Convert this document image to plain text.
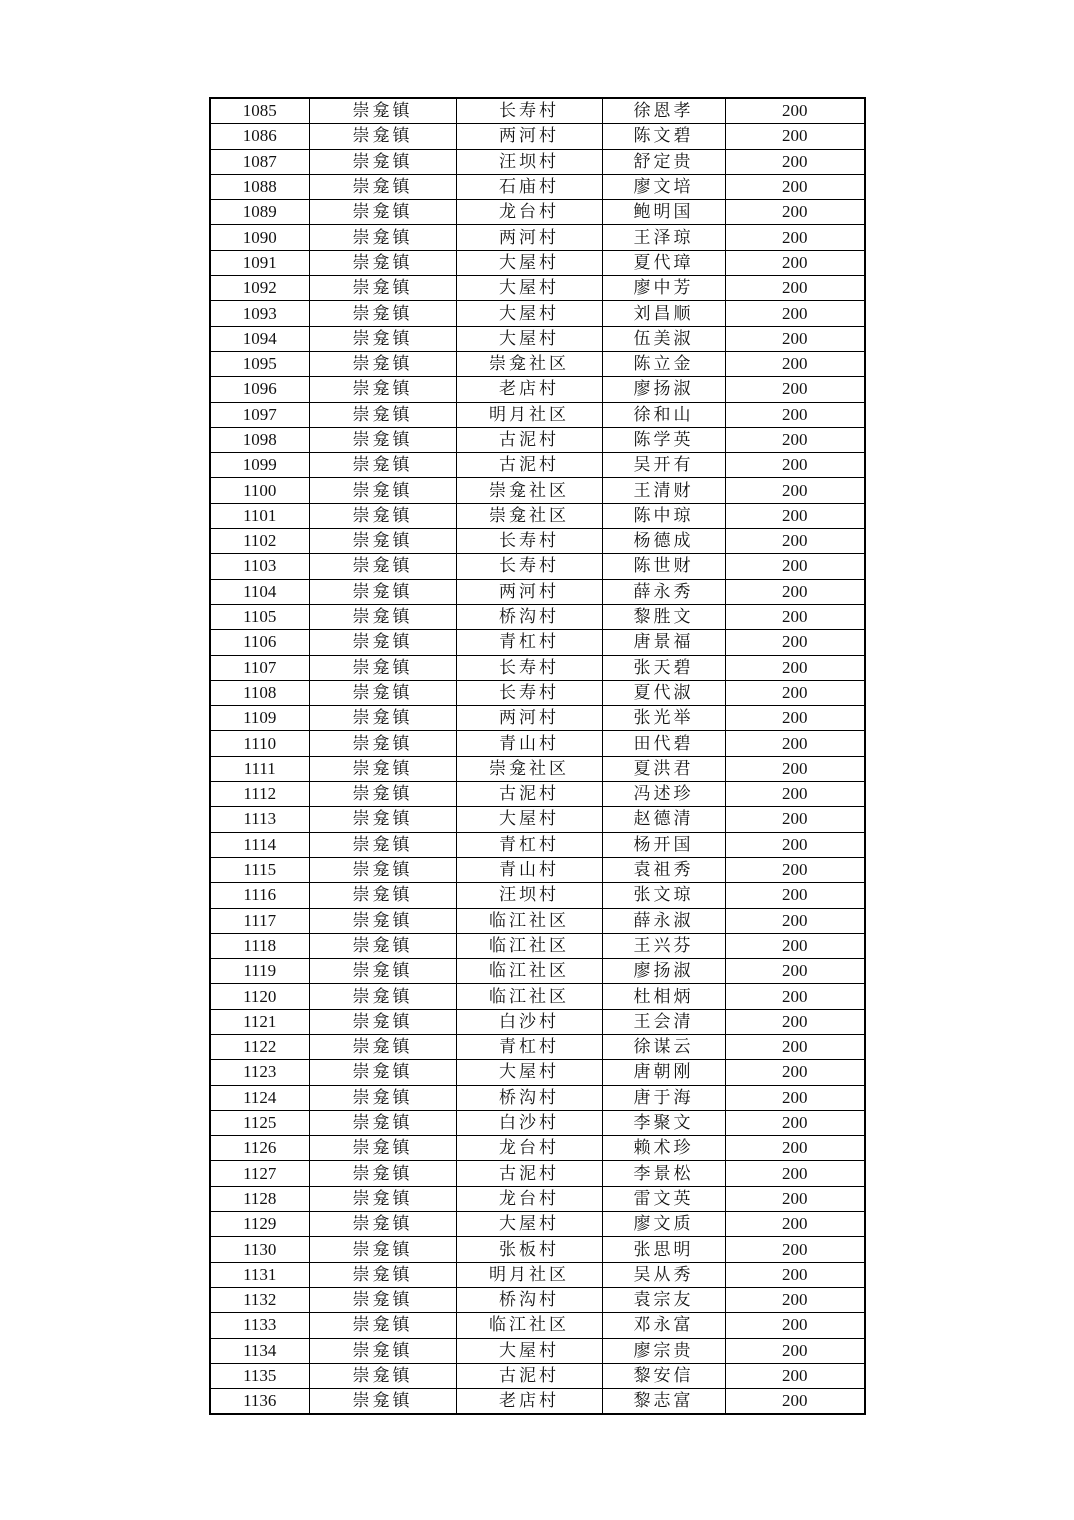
1085	崇龛镇	长寿村	徐恩孝	200
1086	崇龛镇	两河村	陈文碧	200
1087	崇龛镇	汪坝村	舒定贵	200
1088	崇龛镇	石庙村	廖文培	200
1089	崇龛镇	龙台村	鲍明国	200
1090	崇龛镇	两河村	王泽琼	200
1091	崇龛镇	大屋村	夏代璋	200
1092	崇龛镇	大屋村	廖中芳	200
1093	崇龛镇	大屋村	刘昌顺	200
1094	崇龛镇	大屋村	伍美淑	200
1095	崇龛镇	崇龛社区	陈立金	200
1096	崇龛镇	老店村	廖扬淑	200
1097	崇龛镇	明月社区	徐和山	200
1098	崇龛镇	古泥村	陈学英	200
1099	崇龛镇	古泥村	吴开有	200
1100	崇龛镇	崇龛社区	王清财	200
1101	崇龛镇	崇龛社区	陈中琼	200
1102	崇龛镇	长寿村	杨德成	200
1103	崇龛镇	长寿村	陈世财	200
1104	崇龛镇	两河村	薛永秀	200
1105	崇龛镇	桥沟村	黎胜文	200
1106	崇龛镇	青杠村	唐景福	200
1107	崇龛镇	长寿村	张天碧	200
1108	崇龛镇	长寿村	夏代淑	200
1109	崇龛镇	两河村	张光举	200
1110	崇龛镇	青山村	田代碧	200
1111	崇龛镇	崇龛社区	夏洪君	200
1112	崇龛镇	古泥村	冯述珍	200
1113	崇龛镇	大屋村	赵德清	200
1114	崇龛镇	青杠村	杨开国	200
1115	崇龛镇	青山村	袁祖秀	200
1116	崇龛镇	汪坝村	张文琼	200
1117	崇龛镇	临江社区	薛永淑	200
1118	崇龛镇	临江社区	王兴芬	200
1119	崇龛镇	临江社区	廖扬淑	200
1120	崇龛镇	临江社区	杜相炳	200
1121	崇龛镇	白沙村	王会清	200
1122	崇龛镇	青杠村	徐谋云	200
1123	崇龛镇	大屋村	唐朝刚	200
1124	崇龛镇	桥沟村	唐于海	200
1125	崇龛镇	白沙村	李聚文	200
1126	崇龛镇	龙台村	赖术珍	200
1127	崇龛镇	古泥村	李景松	200
1128	崇龛镇	龙台村	雷文英	200
1129	崇龛镇	大屋村	廖文质	200
1130	崇龛镇	张板村	张思明	200
1131	崇龛镇	明月社区	吴从秀	200
1132	崇龛镇	桥沟村	袁宗友	200
1133	崇龛镇	临江社区	邓永富	200
1134	崇龛镇	大屋村	廖宗贵	200
1135	崇龛镇	古泥村	黎安信	200
1136	崇龛镇	老店村	黎志富	200
